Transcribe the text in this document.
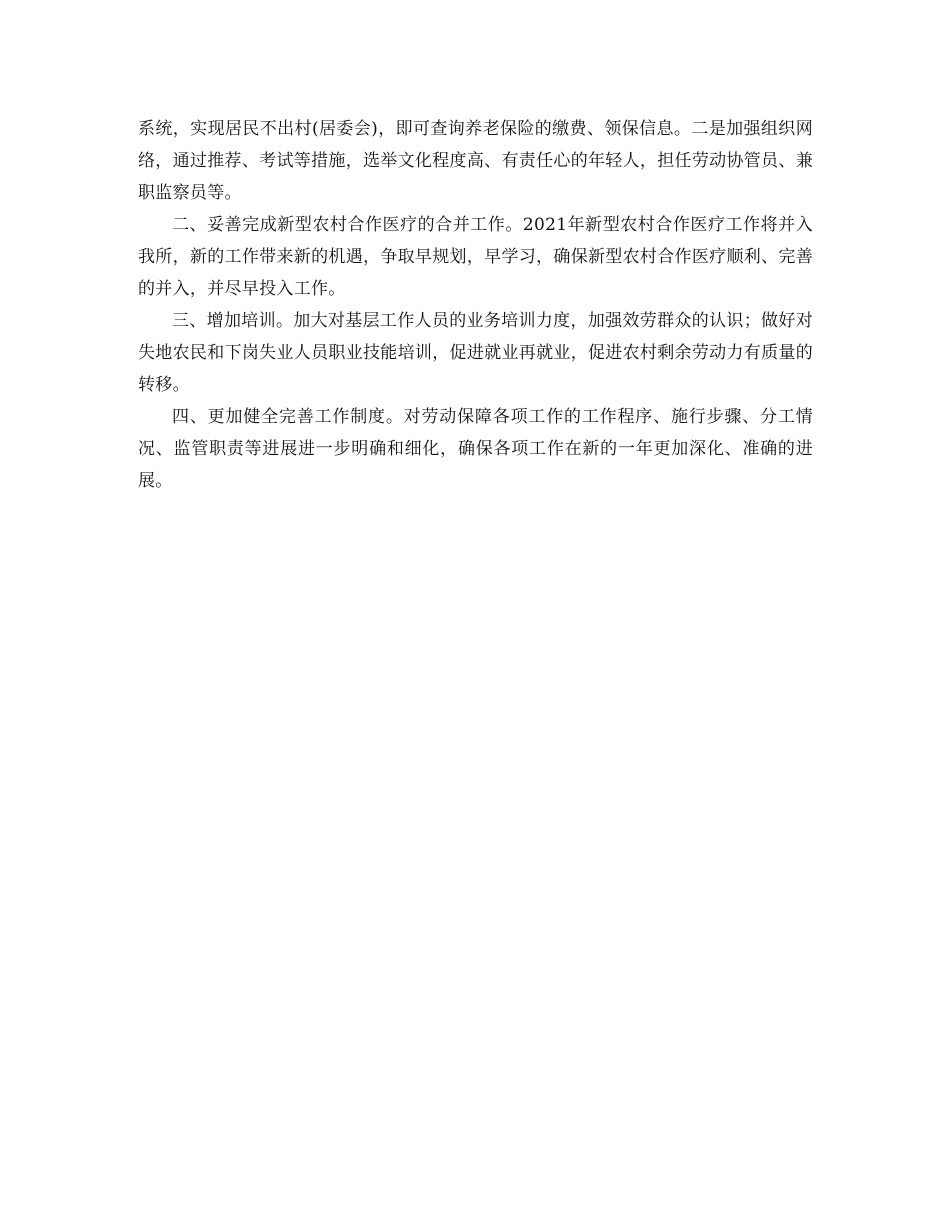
系统，实现居民不出村(居委会)，即可查询养老保险的缴费、领保信息。二是加强组织网络，通过推荐、考试等措施，选举文化程度高、有责任心的年轻人，担任劳动协管员、兼职监察员等。

二、妥善完成新型农村合作医疗的合并工作。2021年新型农村合作医疗工作将并入我所，新的工作带来新的机遇，争取早规划，早学习，确保新型农村合作医疗顺利、完善的并入，并尽早投入工作。

三、增加培训。加大对基层工作人员的业务培训力度，加强效劳群众的认识；做好对失地农民和下岗失业人员职业技能培训，促进就业再就业，促进农村剩余劳动力有质量的转移。

四、更加健全完善工作制度。对劳动保障各项工作的工作程序、施行步骤、分工情况、监管职责等进展进一步明确和细化，确保各项工作在新的一年更加深化、准确的进展。
